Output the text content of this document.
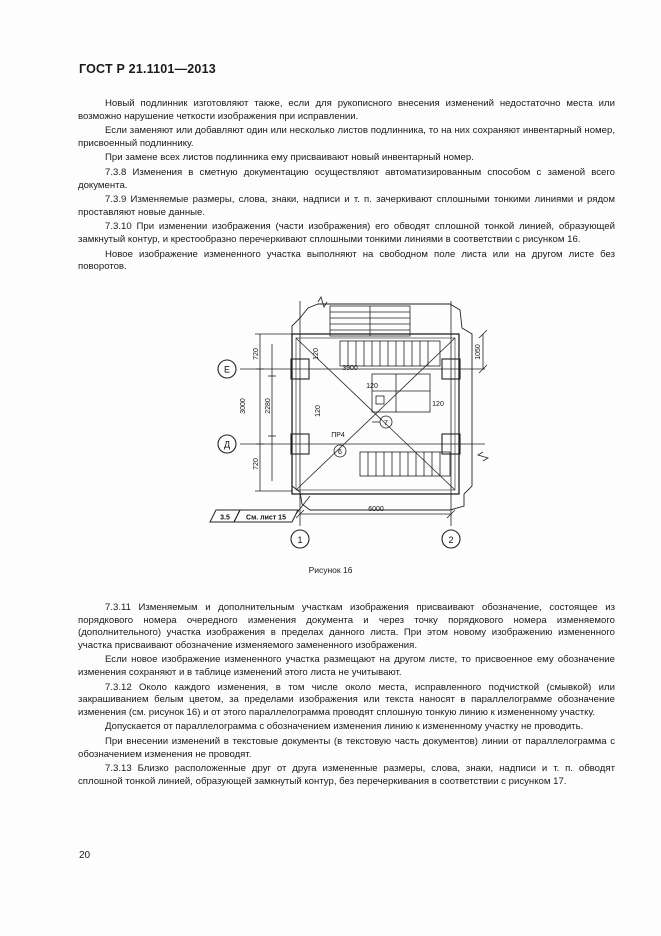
ГОСТ Р 21.1101—2013

Новый подлинник изготовляют также, если для рукописного внесения изменений недостаточно места или возможно нарушение четкости изображения при исправлении.

Если заменяют или добавляют один или несколько листов подлинника, то на них сохраняют инвентарный номер, присвоенный подлиннику.

При замене всех листов подлинника ему присваивают новый инвентарный номер.

7.3.8 Изменения в сметную документацию осуществляют автоматизированным способом с заменой всего документа.

7.3.9 Изменяемые размеры, слова, знаки, надписи и т. п. зачеркивают сплошными тонкими линиями и рядом проставляют новые данные.

7.3.10 При изменении изображения (части изображения) его обводят сплошной тонкой линией, образующей замкнутый контур, и крестообразно перечеркивают сплошными тонкими линиями в соответствии с рисунком 16.

Новое изображение измененного участка выполняют на свободном поле листа или на другом листе без поворотов.

Е
Д
1	2
720
720
3000	2280
6000
3900
1050
120
120
120
120
ПР4
6
7
3.5 См. лист 15
Рисунок 16

7.3.11 Изменяемым и дополнительным участкам изображения присваивают обозначение, состоящее из порядкового номера очередного изменения документа и через точку порядкового номера изменяемого (дополнительного) участка изображения в пределах данного листа. При этом новому изображению измененного участка присваивают обозначение изменяемого замененного изображения.

Если новое изображение измененного участка размещают на другом листе, то присвоенное ему обозначение изменения сохраняют и в таблице изменений этого листа не учитывают.

7.3.12 Около каждого изменения, в том числе около места, исправленного подчисткой (смывкой) или закрашиванием белым цветом, за пределами изображения или текста наносят в параллелограмме обозначение изменения (см. рисунок 16) и от этого параллелограмма проводят сплошную тонкую линию к измененному участку.

Допускается от параллелограмма с обозначением изменения линию к измененному участку не проводить.

При внесении изменений в текстовые документы (в текстовую часть документов) линии от параллелограмма с обозначением изменения не проводят.

7.3.13 Близко расположенные друг от друга измененные размеры, слова, знаки, надписи и т. п. обводят сплошной тонкой линией, образующей замкнутый контур, без перечеркивания в соответствии с рисунком 17.

20
